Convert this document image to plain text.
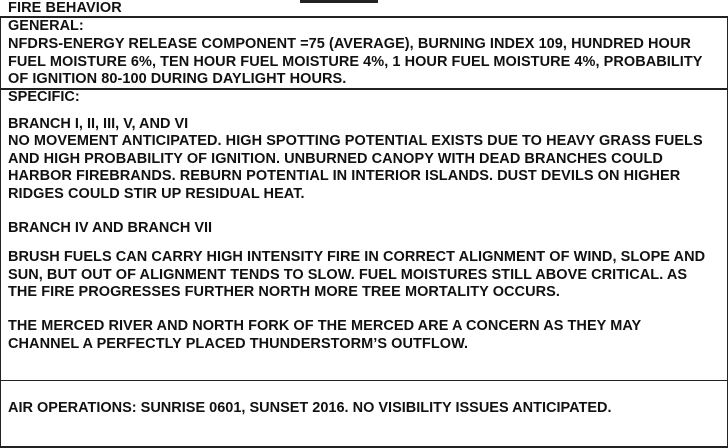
FIRE BEHAVIOR
GENERAL:
NFDRS-ENERGY RELEASE COMPONENT =75 (AVERAGE), BURNING INDEX 109, HUNDRED HOUR
FUEL MOISTURE 6%, TEN HOUR FUEL MOISTURE 4%, 1 HOUR FUEL MOISTURE 4%, PROBABILITY
OF IGNITION 80-100 DURING DAYLIGHT HOURS.
SPECIFIC:
BRANCH I, II, III, V, AND VI
NO MOVEMENT ANTICIPATED. HIGH SPOTTING POTENTIAL EXISTS DUE TO HEAVY GRASS FUELS
AND HIGH PROBABILITY OF IGNITION. UNBURNED CANOPY WITH DEAD BRANCHES COULD
HARBOR FIREBRANDS. REBURN POTENTIAL IN INTERIOR ISLANDS. DUST DEVILS ON HIGHER
RIDGES COULD STIR UP RESIDUAL HEAT.
BRANCH IV AND BRANCH VII
BRUSH FUELS CAN CARRY HIGH INTENSITY FIRE IN CORRECT ALIGNMENT OF WIND, SLOPE AND
SUN, BUT OUT OF ALIGNMENT TENDS TO SLOW. FUEL MOISTURES STILL ABOVE CRITICAL. AS
THE FIRE PROGRESSES FURTHER NORTH MORE TREE MORTALITY OCCURS.
THE MERCED RIVER AND NORTH FORK OF THE MERCED ARE A CONCERN AS THEY MAY
CHANNEL A PERFECTLY PLACED THUNDERSTORM’S OUTFLOW.
AIR OPERATIONS: SUNRISE 0601, SUNSET 2016. NO VISIBILITY ISSUES ANTICIPATED.
